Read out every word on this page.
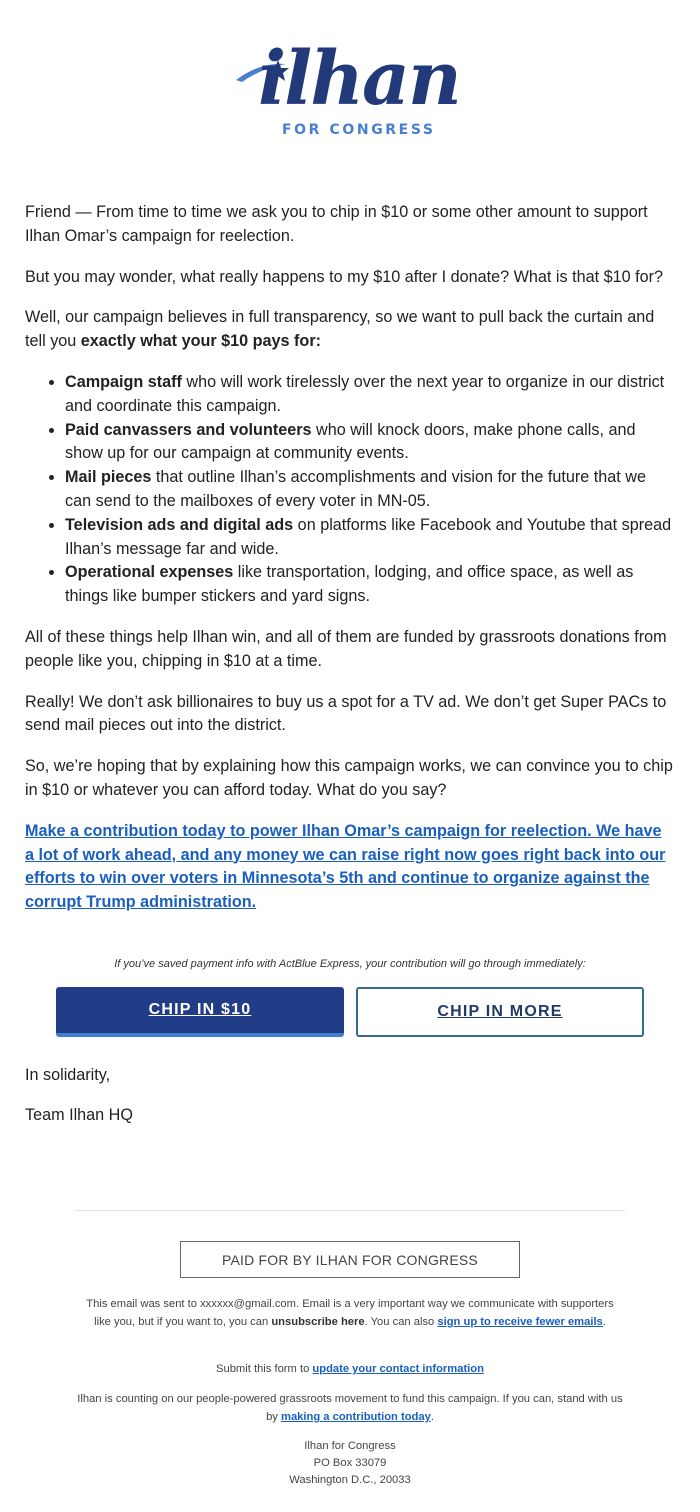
ilhan
FOR CONGRESS

Friend — From time to time we ask you to chip in $10 or some other amount to support Ilhan Omar’s campaign for reelection.

But you may wonder, what really happens to my $10 after I donate? What is that $10 for?

Well, our campaign believes in full transparency, so we want to pull back the curtain and tell you exactly what your $10 pays for:

• Campaign staff who will work tirelessly over the next year to organize in our district and coordinate this campaign.
• Paid canvassers and volunteers who will knock doors, make phone calls, and show up for our campaign at community events.
• Mail pieces that outline Ilhan’s accomplishments and vision for the future that we can send to the mailboxes of every voter in MN-05.
• Television ads and digital ads on platforms like Facebook and Youtube that spread Ilhan’s message far and wide.
• Operational expenses like transportation, lodging, and office space, as well as things like bumper stickers and yard signs.

All of these things help Ilhan win, and all of them are funded by grassroots donations from people like you, chipping in $10 at a time.

Really! We don’t ask billionaires to buy us a spot for a TV ad. We don’t get Super PACs to send mail pieces out into the district.

So, we’re hoping that by explaining how this campaign works, we can convince you to chip in $10 or whatever you can afford today. What do you say?

Make a contribution today to power Ilhan Omar’s campaign for reelection. We have a lot of work ahead, and any money we can raise right now goes right back into our efforts to win over voters in Minnesota’s 5th and continue to organize against the corrupt Trump administration.

If you’ve saved payment info with ActBlue Express, your contribution will go through immediately:
CHIP IN $10	CHIP IN MORE
In solidarity,
Team Ilhan HQ
PAID FOR BY ILHAN FOR CONGRESS
This email was sent to xxxxxx@gmail.com. Email is a very important way we communicate with supporters like you, but if you want to, you can unsubscribe here. You can also sign up to receive fewer emails.
Submit this form to update your contact information
Ilhan is counting on our people-powered grassroots movement to fund this campaign. If you can, stand with us by making a contribution today.
Ilhan for Congress
PO Box 33079
Washington D.C., 20033
